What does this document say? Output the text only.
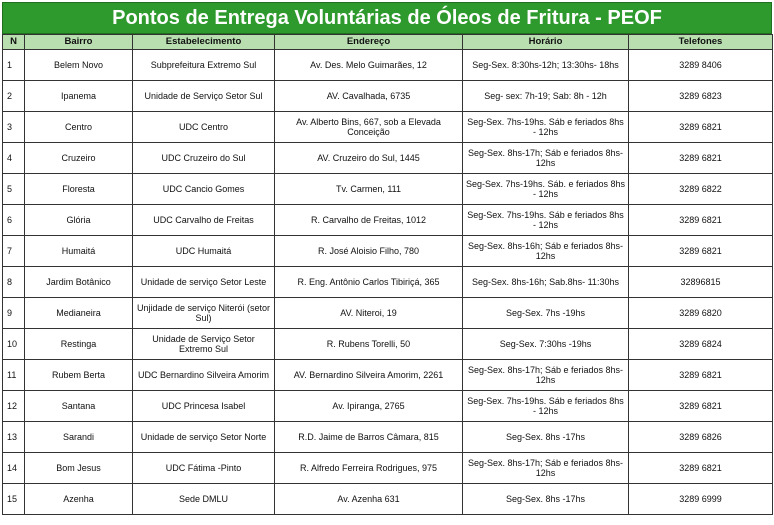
Pontos de Entrega Voluntárias de Óleos de Fritura - PEOF
N	Bairro	Estabelecimento	Endereço	Horário	Telefones
1	Belem Novo	Subprefeitura Extremo Sul	Av. Des. Melo Guimarães, 12	Seg-Sex. 8:30hs-12h; 13:30hs- 18hs	3289 8406
2	Ipanema	Unidade de Serviço Setor Sul	AV. Cavalhada, 6735	Seg- sex: 7h-19; Sab: 8h - 12h	3289 6823
3	Centro	UDC Centro	Av. Alberto Bins, 667, sob a Elevada Conceição	Seg-Sex. 7hs-19hs. Sáb e feriados 8hs - 12hs	3289 6821
4	Cruzeiro	UDC Cruzeiro do Sul	AV. Cruzeiro do Sul, 1445	Seg-Sex. 8hs-17h; Sáb e feriados 8hs- 12hs	3289 6821
5	Floresta	UDC Cancio Gomes	Tv. Carmen, 111	Seg-Sex. 7hs-19hs. Sáb. e feriados 8hs - 12hs	3289 6822
6	Glória	UDC Carvalho de Freitas	R. Carvalho de Freitas, 1012	Seg-Sex. 7hs-19hs. Sáb e feriados 8hs - 12hs	3289 6821
7	Humaitá	UDC Humaitá	R. José Aloisio Filho, 780	Seg-Sex. 8hs-16h; Sáb e feriados 8hs- 12hs	3289 6821
8	Jardim Botânico	Unidade de serviço Setor Leste	R. Eng. Antônio Carlos Tibiriçá, 365	Seg-Sex. 8hs-16h; Sab.8hs- 11:30hs	32896815
9	Medianeira	Unjidade de serviço Niterói (setor Sul)	AV. Niteroi, 19	Seg-Sex. 7hs -19hs	3289 6820
10	Restinga	Unidade de Serviço Setor Extremo Sul	R. Rubens Torelli, 50	Seg-Sex. 7:30hs -19hs	3289 6824
11	Rubem Berta	UDC Bernardino Silveira Amorim	AV. Bernardino Silveira Amorim, 2261	Seg-Sex. 8hs-17h; Sáb e feriados 8hs- 12hs	3289 6821
12	Santana	UDC Princesa Isabel	Av. Ipiranga, 2765	Seg-Sex. 7hs-19hs. Sáb e feriados 8hs - 12hs	3289 6821
13	Sarandi	Unidade de serviço Setor Norte	R.D. Jaime de Barros Câmara, 815	Seg-Sex. 8hs -17hs	3289 6826
14	Bom Jesus	UDC Fátima -Pinto	R. Alfredo Ferreira Rodrigues, 975	Seg-Sex. 8hs-17h; Sáb e feriados 8hs- 12hs	3289 6821
15	Azenha	Sede DMLU	Av. Azenha 631	Seg-Sex. 8hs -17hs	3289 6999
